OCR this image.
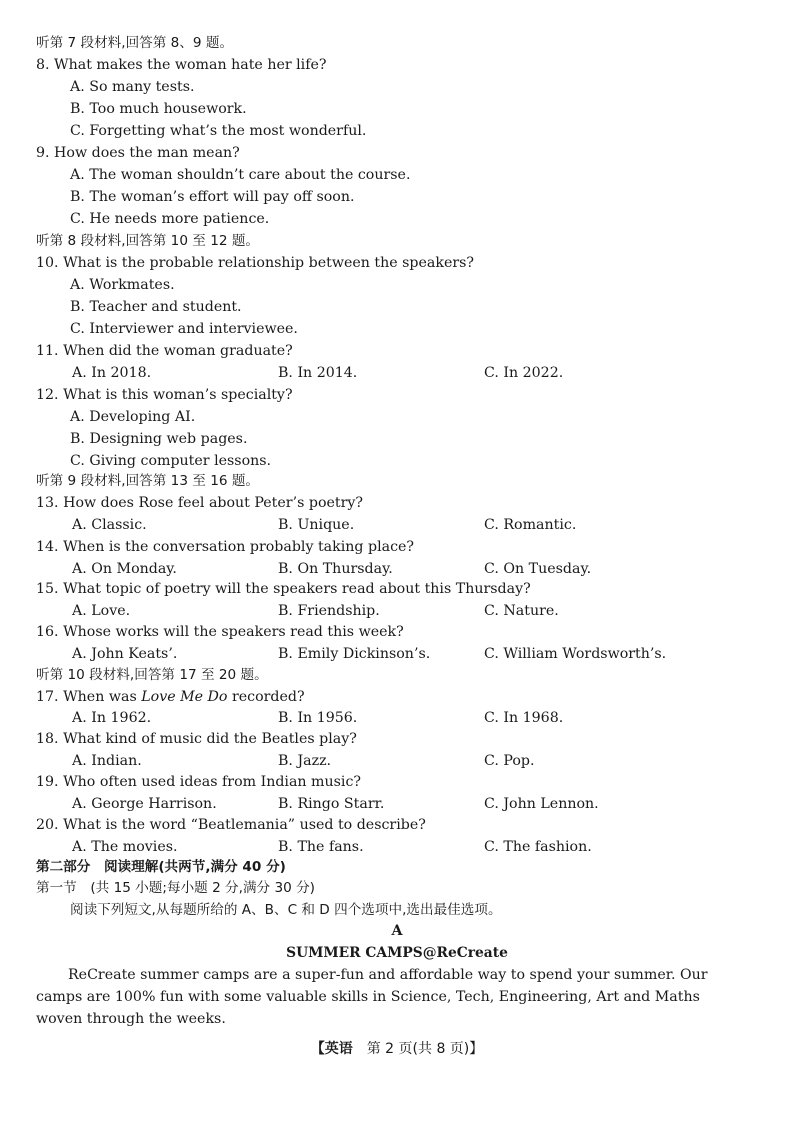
听第 7 段材料,回答第 8、9 题。
8. What makes the woman hate her life?
A. So many tests.
B. Too much housework.
C. Forgetting what’s the most wonderful.
9. How does the man mean?
A. The woman shouldn’t care about the course.
B. The woman’s effort will pay off soon.
C. He needs more patience.
听第 8 段材料,回答第 10 至 12 题。
10. What is the probable relationship between the speakers?
A. Workmates.
B. Teacher and student.
C. Interviewer and interviewee.
11. When did the woman graduate?
A. In 2018.	B. In 2014.	C. In 2022.
12. What is this woman’s specialty?
A. Developing AI.
B. Designing web pages.
C. Giving computer lessons.
听第 9 段材料,回答第 13 至 16 题。
13. How does Rose feel about Peter’s poetry?
A. Classic.	B. Unique.	C. Romantic.
14. When is the conversation probably taking place?
A. On Monday.	B. On Thursday.	C. On Tuesday.
15. What topic of poetry will the speakers read about this Thursday?
A. Love.	B. Friendship.	C. Nature.
16. Whose works will the speakers read this week?
A. John Keats’.	B. Emily Dickinson’s.	C. William Wordsworth’s.
听第 10 段材料,回答第 17 至 20 题。
17. When was Love Me Do recorded?
A. In 1962.	B. In 1956.	C. In 1968.
18. What kind of music did the Beatles play?
A. Indian.	B. Jazz.	C. Pop.
19. Who often used ideas from Indian music?
A. George Harrison.	B. Ringo Starr.	C. John Lennon.
20. What is the word “Beatlemania” used to describe?
A. The movies.	B. The fans.	C. The fashion.
第二部分　阅读理解(共两节,满分 40 分)
第一节　(共 15 小题;每小题 2 分,满分 30 分)
阅读下列短文,从每题所给的 A、B、C 和 D 四个选项中,选出最佳选项。
A
SUMMER CAMPS@ReCreate
ReCreate summer camps are a super-fun and affordable way to spend your summer. Our
camps are 100% fun with some valuable skills in Science, Tech, Engineering, Art and Maths
woven through the weeks.
【英语 第 2 页(共 8 页)】
